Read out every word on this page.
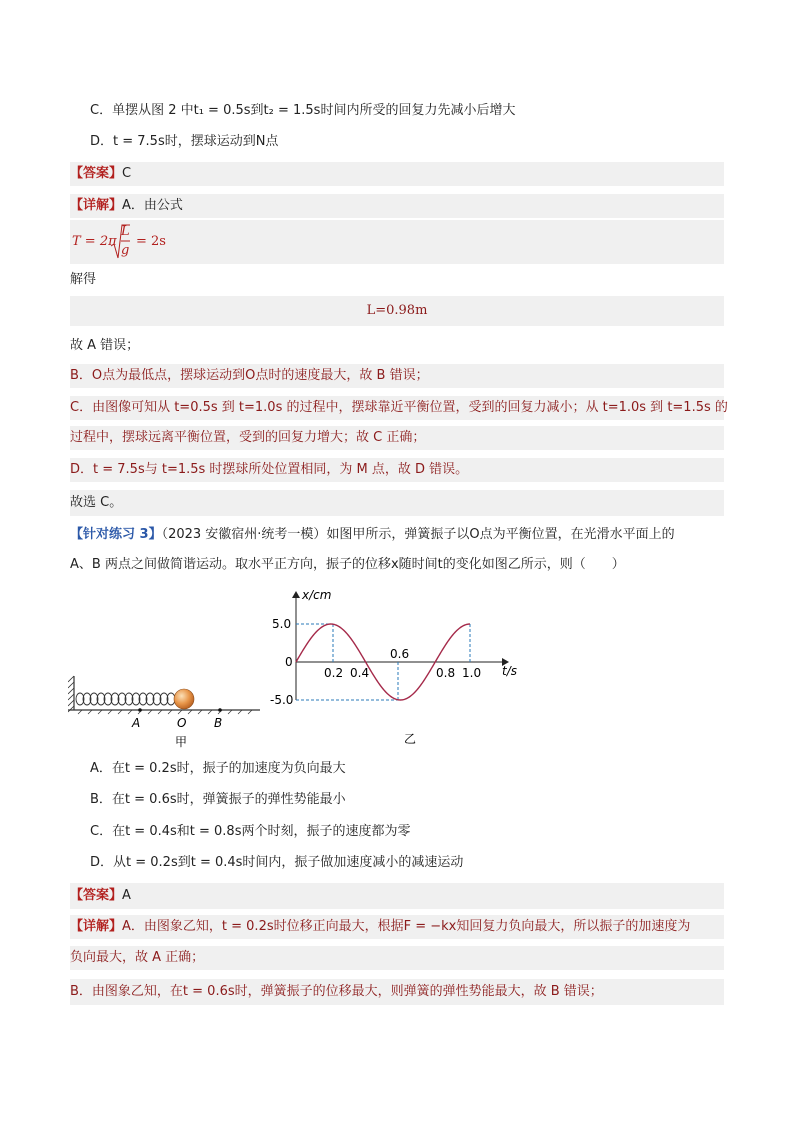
C．单摆从图 2 中t₁ = 0.5s到t₂ = 1.5s时间内所受的回复力先减小后增大
D．t = 7.5s时，摆球运动到N点
【答案】C
【详解】A．由公式
T = 2π
L
g
= 2s
解得
L=0.98m
故 A 错误；
B．O点为最低点，摆球运动到O点时的速度最大，故 B 错误；
C．由图像可知从 t=0.5s 到 t=1.0s 的过程中，摆球靠近平衡位置，受到的回复力减小；从 t=1.0s 到 t=1.5s 的
过程中，摆球远离平衡位置，受到的回复力增大；故 C 正确；
D．t = 7.5s与 t=1.5s 时摆球所处位置相同，为 M 点，故 D 错误。
故选 C。
【针对练习 3】（2023 安徽宿州·统考一模）如图甲所示，弹簧振子以O点为平衡位置，在光滑水平面上的
A、B 两点之间做简谐运动。取水平正方向，振子的位移x随时间t的变化如图乙所示，则（　　）
A	O B
甲
x/cm
5.0
-5.0
0
0.2 0.4
0.6
0.8 1.0 t/s
乙
A．在t = 0.2s时，振子的加速度为负向最大
B．在t = 0.6s时，弹簧振子的弹性势能最小
C．在t = 0.4s和t = 0.8s两个时刻，振子的速度都为零
D．从t = 0.2s到t = 0.4s时间内，振子做加速度减小的减速运动
【答案】A
【详解】A．由图象乙知，t = 0.2s时位移正向最大，根据F = −kx知回复力负向最大，所以振子的加速度为
负向最大，故 A 正确；
B．由图象乙知，在t = 0.6s时，弹簧振子的位移最大，则弹簧的弹性势能最大，故 B 错误；
